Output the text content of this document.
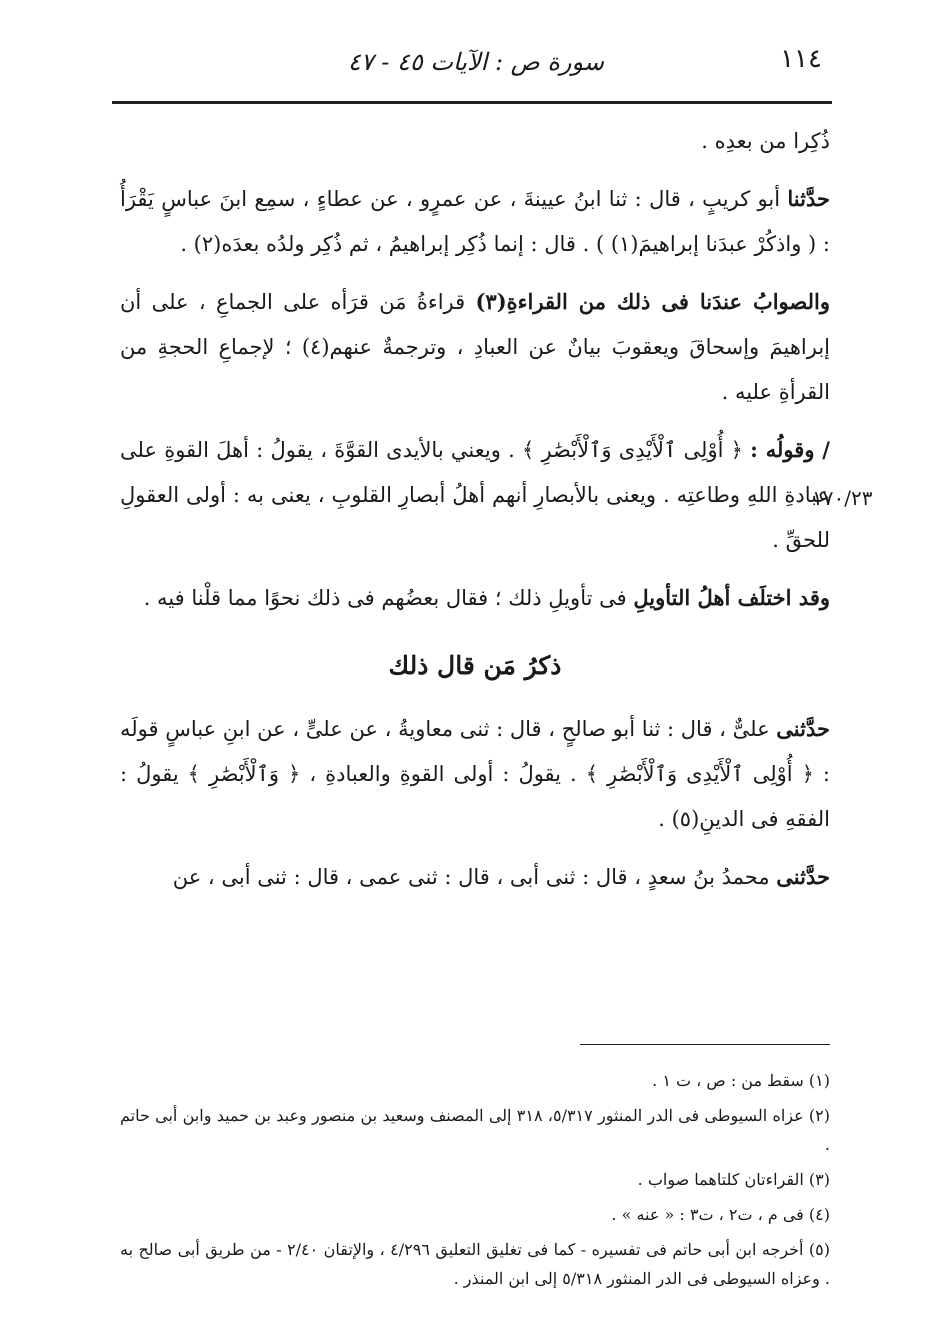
١١٤
سورة ص : الآيات ٤٥ - ٤٧
١٧٠/٢٣

ذُكِرا من بعدِه .

حدَّثنا أبو كريبٍ ، قال : ثنا ابنُ عيينةَ ، عن عمرٍو ، عن عطاءٍ ، سمِع ابنَ عباسٍ يَقْرَأُ : ( واذكُرْ عبدَنا إبراهيمَ(١) ) . قال : إنما ذُكِر إبراهيمُ ، ثم ذُكِر ولدُه بعدَه(٢) .

والصوابُ عندَنا فى ذلك من القراءةِ(٣) قراءةُ مَن قرَأه على الجماعِ ، على أن إبراهيمَ وإسحاقَ ويعقوبَ بيانٌ عن العبادِ ، وترجمةٌ عنهم(٤) ؛ لإجماعِ الحجةِ من القرأةِ عليه .

/ وقولُه : ﴿ أُوْلِى ٱلْأَيْدِى وَٱلْأَبْصَٰرِ ﴾ . ويعني بالأيدى القوَّةَ ، يقولُ : أهلَ القوةِ على عبادةِ اللهِ وطاعتِه . ويعنى بالأبصارِ أنهم أهلُ أبصارِ القلوبِ ، يعنى به : أولى العقولِ للحقِّ .

وقد اختلَف أهلُ التأويلِ فى تأويلِ ذلك ؛ فقال بعضُهم فى ذلك نحوًا مما قلْنا فيه .

ذكرُ مَن قال ذلك

حدَّثنى علىٌّ ، قال : ثنا أبو صالحٍ ، قال : ثنى معاويةُ ، عن علىٍّ ، عن ابنِ عباسٍ قولَه : ﴿ أُوْلِى ٱلْأَيْدِى وَٱلْأَبْصَٰرِ ﴾ . يقولُ : أولى القوةِ والعبادةِ ، ﴿ وَٱلْأَبْصَٰرِ ﴾ يقولُ : الفقهِ فى الدينِ(٥) .

حدَّثنى محمدُ بنُ سعدٍ ، قال : ثنى أبى ، قال : ثنى عمى ، قال : ثنى أبى ، عن

(١) سقط من : ص ، ت ١ .

(٢) عزاه السيوطى فى الدر المنثور ٥/٣١٧، ٣١٨ إلى المصنف وسعيد بن منصور وعبد بن حميد وابن أبى حاتم .

(٣) القراءتان كلتاهما صواب .

(٤) فى م ، ت٢ ، ت٣ : « عنه » .

(٥) أخرجه ابن أبى حاتم فى تفسيره - كما فى تغليق التعليق ٤/٢٩٦ ، والإتقان ٢/٤٠ - من طريق أبى صالح به . وعزاه السيوطى فى الدر المنثور ٥/٣١٨ إلى ابن المنذر .
